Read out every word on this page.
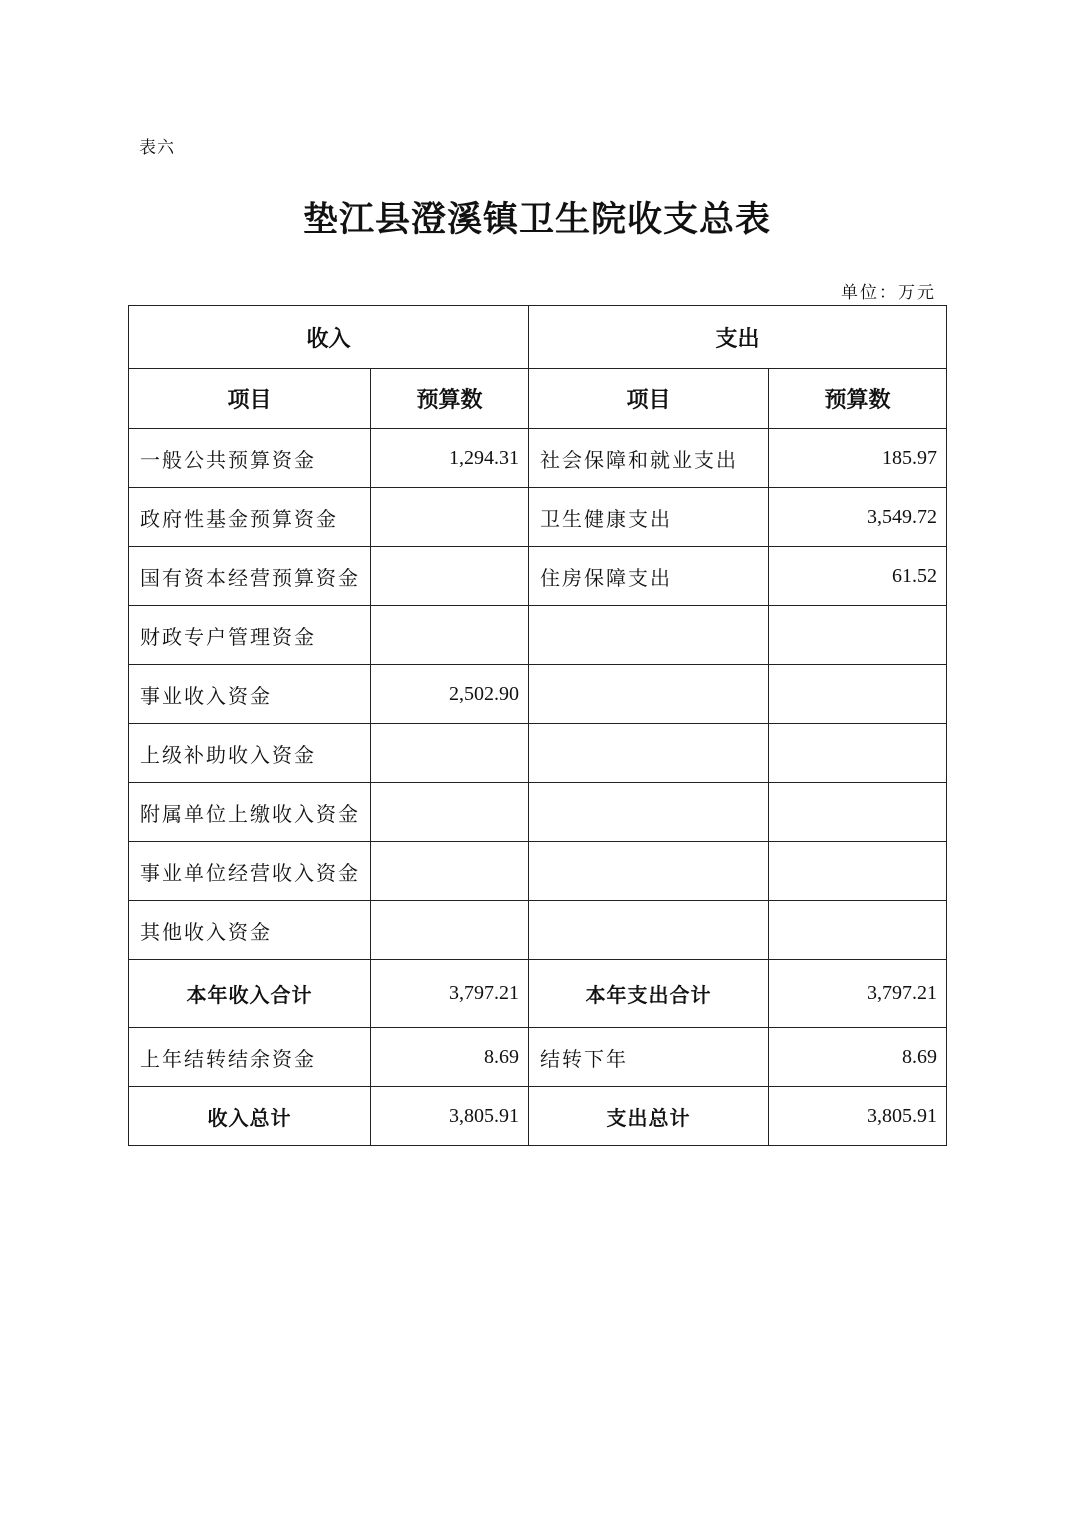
表六
垫江县澄溪镇卫生院收支总表
单位：万元
收入		支出	
项目	预算数	项目	预算数
一般公共预算资金	1,294.31	社会保障和就业支出	185.97
政府性基金预算资金		卫生健康支出	3,549.72
国有资本经营预算资金		住房保障支出	61.52
财政专户管理资金			
事业收入资金	2,502.90		
上级补助收入资金			
附属单位上缴收入资金			
事业单位经营收入资金			
其他收入资金			
本年收入合计	3,797.21	本年支出合计	3,797.21
上年结转结余资金	8.69	结转下年	8.69
收入总计	3,805.91	支出总计	3,805.91
